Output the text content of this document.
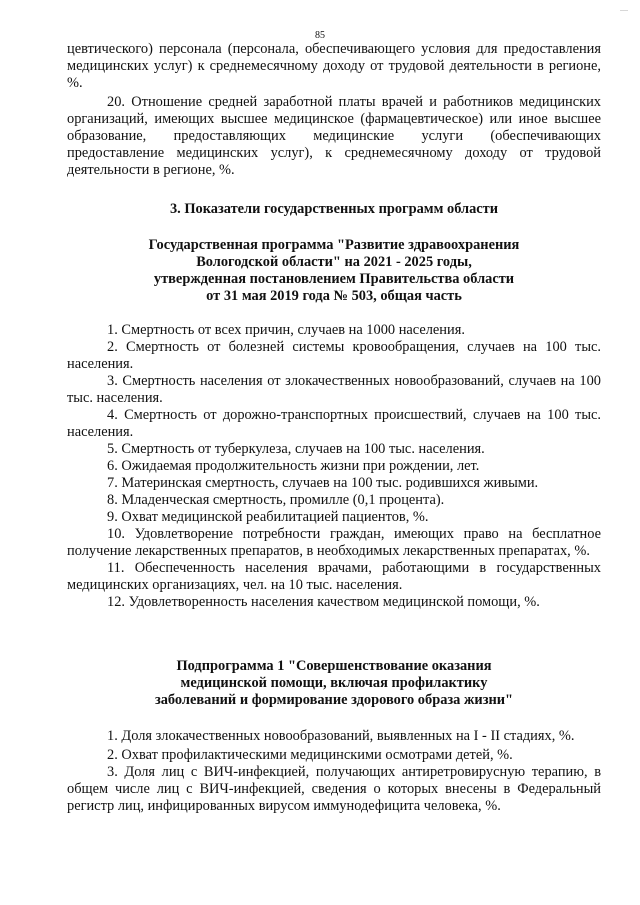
....
85

цевтического) персонала (персонала, обеспечивающего условия для предоставления медицинских услуг) к среднемесячному доходу от трудовой деятельности в регионе, %.

20. Отношение средней заработной платы врачей и работников медицинских организаций, имеющих высшее медицинское (фармацевтическое) или иное высшее образование, предоставляющих медицинские услуги (обеспечивающих предоставление медицинских услуг), к среднемесячному доходу от трудовой деятельности в регионе, %.

3. Показатели государственных программ области
Государственная программа "Развитие здравоохранения
Вологодской области" на 2021 - 2025 годы,
утвержденная постановлением Правительства области
от 31 мая 2019 года № 503, общая часть

1. Смертность от всех причин, случаев на 1000 населения.

2. Смертность от болезней системы кровообращения, случаев на 100 тыс. населения.

3. Смертность населения от злокачественных новообразований, случаев на 100 тыс. населения.

4. Смертность от дорожно-транспортных происшествий, случаев на 100 тыс. населения.

5. Смертность от туберкулеза, случаев на 100 тыс. населения.

6. Ожидаемая продолжительность жизни при рождении, лет.

7. Материнская смертность, случаев на 100 тыс. родившихся живыми.

8. Младенческая смертность, промилле (0,1 процента).

9. Охват медицинской реабилитацией пациентов, %.

10. Удовлетворение потребности граждан, имеющих право на бесплатное получение лекарственных препаратов, в необходимых лекарственных препаратах, %.

11. Обеспеченность населения врачами, работающими в государственных медицинских организациях, чел. на 10 тыс. населения.

12. Удовлетворенность населения качеством медицинской помощи, %.

Подпрограмма 1 "Совершенствование оказания
медицинской помощи, включая профилактику
заболеваний и формирование здорового образа жизни"

1. Доля злокачественных новообразований, выявленных на I - II стадиях, %.

2. Охват профилактическими медицинскими осмотрами детей, %.

3. Доля лиц с ВИЧ-инфекцией, получающих антиретровирусную терапию, в общем числе лиц с ВИЧ-инфекцией, сведения о которых внесены в Федеральный регистр лиц, инфицированных вирусом иммунодефицита человека, %.
